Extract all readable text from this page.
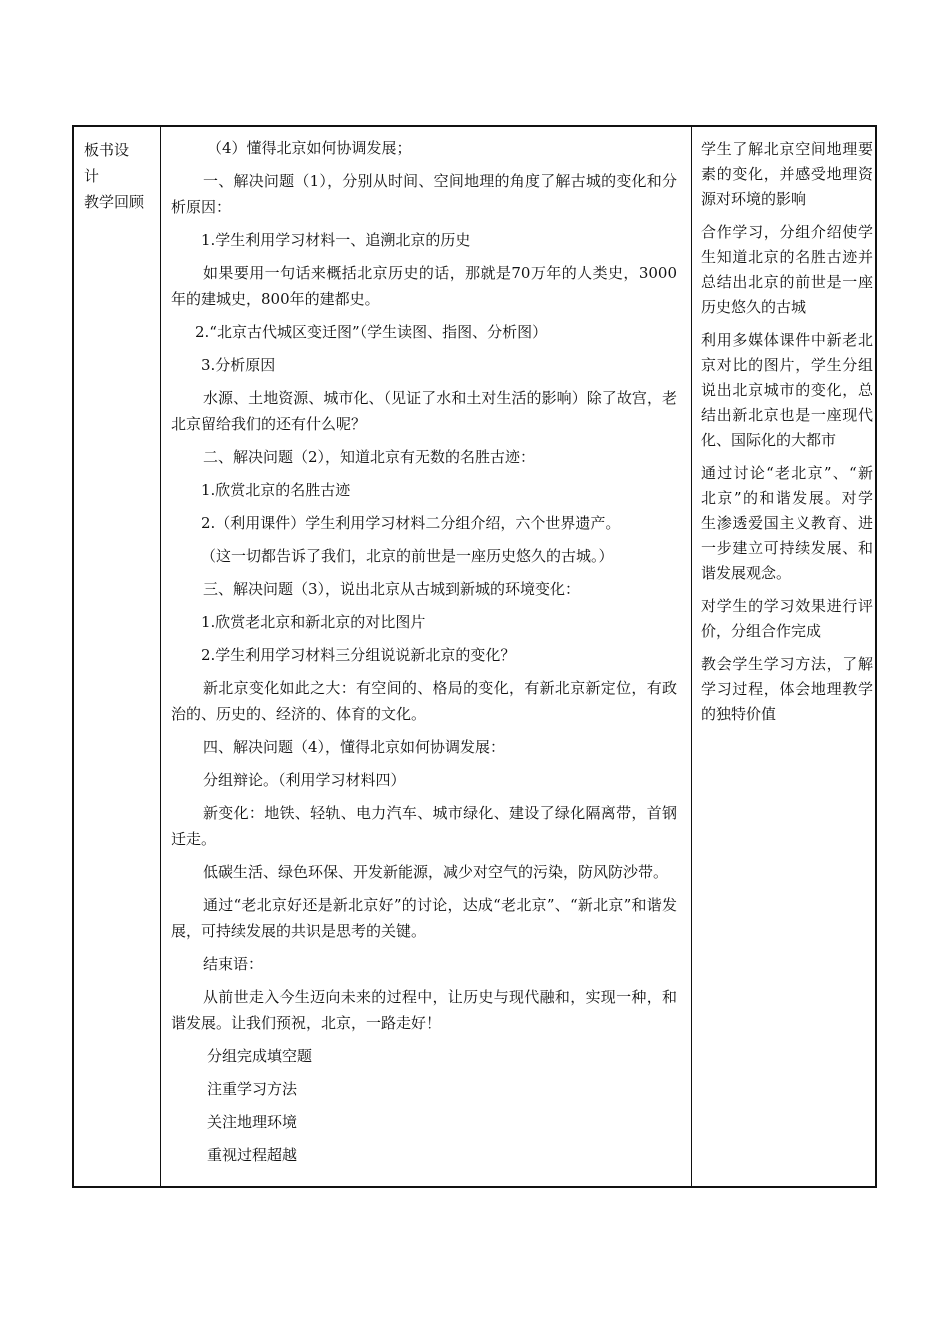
板书设

计

教学回顾

（4）懂得北京如何协调发展；

一、解决问题（1），分别从时间、空间地理的角度了解古城的变化和分析原因：

1.学生利用学习材料一、追溯北京的历史

如果要用一句话来概括北京历史的话，那就是70万年的人类史，3000年的建城史，800年的建都史。

2.“北京古代城区变迁图”（学生读图、指图、分析图）

3.分析原因

水源、土地资源、城市化、（见证了水和土对生活的影响）除了故宫，老北京留给我们的还有什么呢？

二、解决问题（2），知道北京有无数的名胜古迹：

1.欣赏北京的名胜古迹

2.（利用课件）学生利用学习材料二分组介绍，六个世界遗产。

（这一切都告诉了我们，北京的前世是一座历史悠久的古城。）

三、解决问题（3），说出北京从古城到新城的环境变化：

1.欣赏老北京和新北京的对比图片

2.学生利用学习材料三分组说说新北京的变化？

新北京变化如此之大：有空间的、格局的变化，有新北京新定位，有政治的、历史的、经济的、体育的文化。

四、解决问题（4），懂得北京如何协调发展：

分组辩论。（利用学习材料四）

新变化：地铁、轻轨、电力汽车、城市绿化、建设了绿化隔离带，首钢迁走。

低碳生活、绿色环保、开发新能源，减少对空气的污染，防风防沙带。

通过“老北京好还是新北京好”的讨论，达成“老北京”、“新北京”和谐发展，可持续发展的共识是思考的关键。

结束语：

从前世走入今生迈向未来的过程中，让历史与现代融和，实现一种，和谐发展。让我们预祝，北京，一路走好！

分组完成填空题

注重学习方法

关注地理环境

重视过程超越

学生了解北京空间地理要素的变化，并感受地理资源对环境的影响

合作学习，分组介绍使学生知道北京的名胜古迹并总结出北京的前世是一座历史悠久的古城

利用多媒体课件中新老北京对比的图片，学生分组说出北京城市的变化，总结出新北京也是一座现代化、国际化的大都市

通过讨论“老北京”、“新北京”的和谐发展。对学生渗透爱国主义教育、进一步建立可持续发展、和谐发展观念。

对学生的学习效果进行评价，分组合作完成

教会学生学习方法，了解学习过程，体会地理教学的独特价值
